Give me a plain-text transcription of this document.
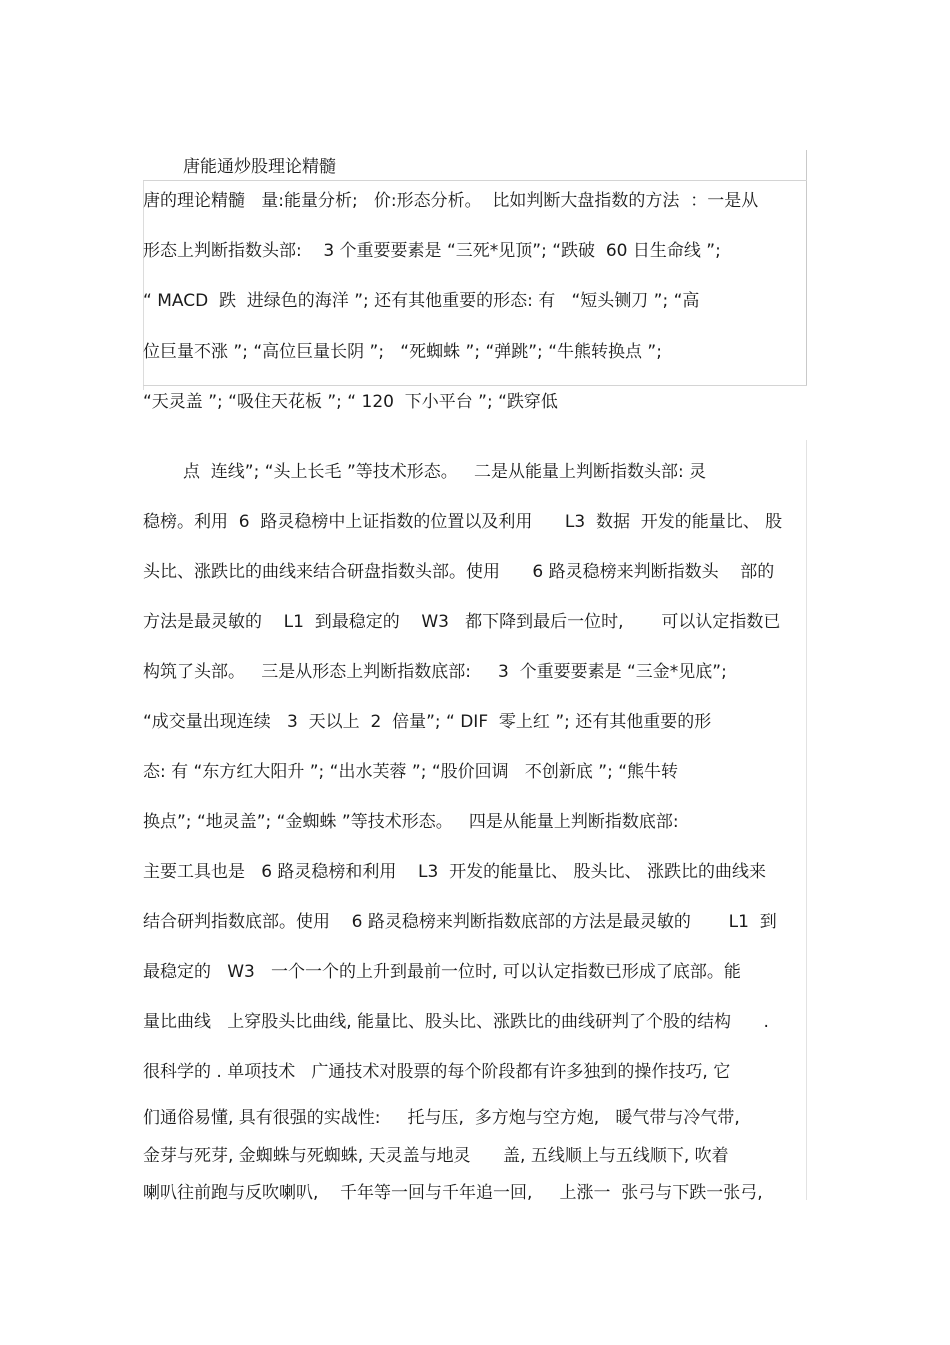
唐能通炒股理论精髓
唐的理论精髓   量:能量分析;   价:形态分析。  比如判断大盘指数的方法  ：一是从
形态上判断指数头部:    3 个重要要素是 “三死*见顶”; “跌破  60 日生命线 ”;
“ MACD  跌  进绿色的海洋 ”; 还有其他重要的形态: 有   “短头铡刀 ”; “高
位巨量不涨 ”; “高位巨量长阴 ”;   “死蜘蛛 ”; “弹跳”; “牛熊转换点 ”;
“天灵盖 ”; “吸住天花板 ”; “ 120  下小平台 ”; “跌穿低
点  连线”; “头上长毛 ”等技术形态。   二是从能量上判断指数头部: 灵
稳榜。利用  6  路灵稳榜中上证指数的位置以及利用      L3  数据  开发的能量比、 股
头比、涨跌比的曲线来结合研盘指数头部。使用      6 路灵稳榜来判断指数头    部的
方法是最灵敏的    L1  到最稳定的    W3   都下降到最后一位时,       可以认定指数已
构筑了头部。   三是从形态上判断指数底部:     3  个重要要素是 “三金*见底”;
“成交量出现连续   3  天以上  2  倍量”; “ DIF  零上红 ”; 还有其他重要的形
态: 有 “东方红大阳升 ”; “出水芙蓉 ”; “股价回调   不创新底 ”; “熊牛转
换点”; “地灵盖”; “金蜘蛛 ”等技术形态。   四是从能量上判断指数底部:
主要工具也是   6 路灵稳榜和利用    L3  开发的能量比、 股头比、 涨跌比的曲线来
结合研判指数底部。使用    6 路灵稳榜来判断指数底部的方法是最灵敏的       L1  到
最稳定的   W3   一个一个的上升到最前一位时, 可以认定指数已形成了底部。能
量比曲线   上穿股头比曲线, 能量比、股头比、涨跌比的曲线研判了个股的结构      .
很科学的 . 单项技术   广通技术对股票的每个阶段都有许多独到的操作技巧, 它
们通俗易懂, 具有很强的实战性:     托与压,  多方炮与空方炮,   暖气带与冷气带,
金芽与死芽, 金蜘蛛与死蜘蛛, 天灵盖与地灵      盖, 五线顺上与五线顺下, 吹着
喇叭往前跑与反吹喇叭,    千年等一回与千年追一回,     上涨一  张弓与下跌一张弓,
